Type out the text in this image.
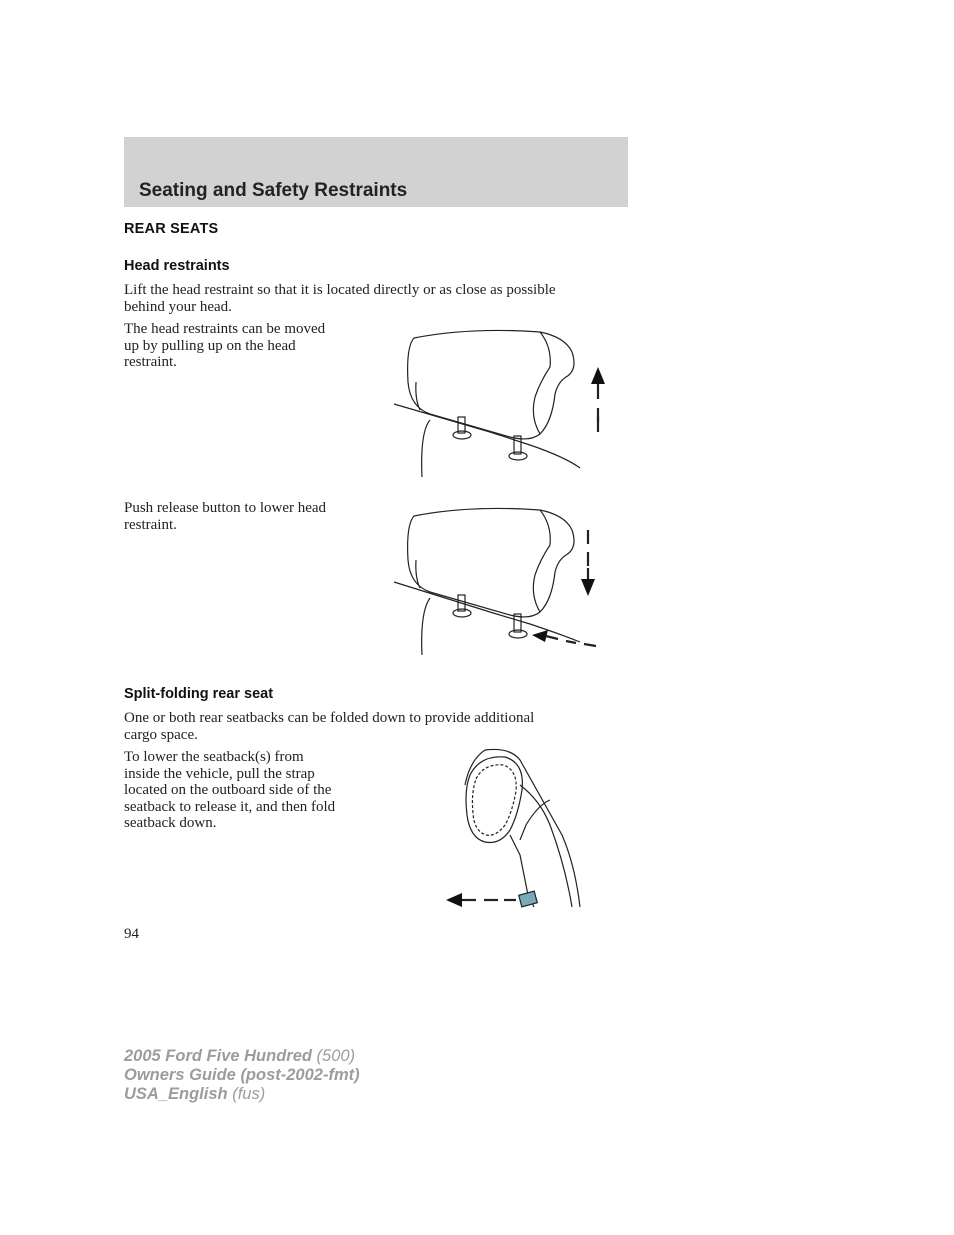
Seating and Safety Restraints
REAR SEATS
Head restraints

Lift the head restraint so that it is located directly or as close as possible
behind your head.

The head restraints can be moved
up by pulling up on the head
restraint.

Push release button to lower head
restraint.

Split-folding rear seat

One or both rear seatbacks can be folded down to provide additional
cargo space.

To lower the seatback(s) from
inside the vehicle, pull the strap
located on the outboard side of the
seatback to release it, and then fold
seatback down.

94

2005 Ford Five Hundred (500)
Owners Guide (post-2002-fmt)
USA_English (fus)
